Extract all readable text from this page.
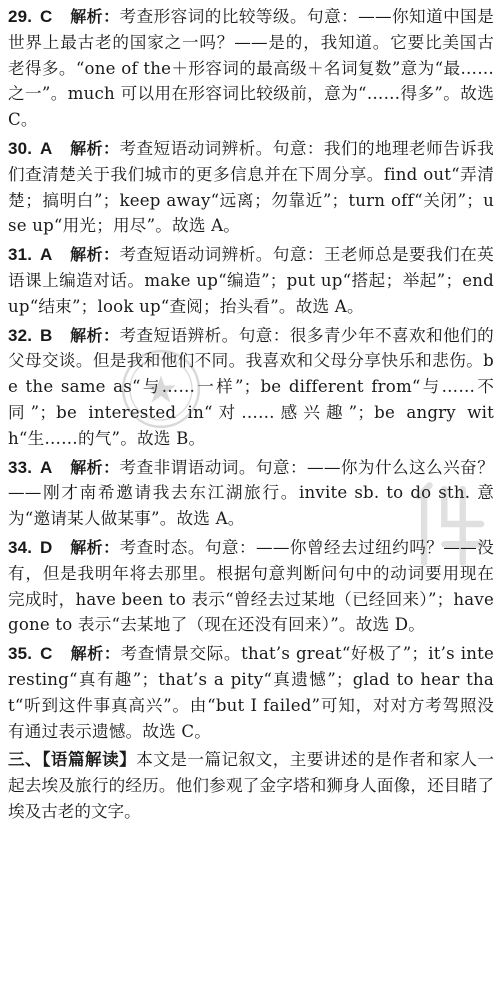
29. C 解析：考查形容词的比较等级。句意：——你知道中国是世界上最古老的国家之一吗？——是的，我知道。它要比美国古老得多。“one of the＋形容词的最高级＋名词复数”意为“最……之一”。much 可以用在形容词比较级前，意为“……得多”。故选 C。
30. A 解析：考查短语动词辨析。句意：我们的地理老师告诉我们查清楚关于我们城市的更多信息并在下周分享。find out“弄清楚；搞明白”；keep away“远离；勿靠近”；turn off“关闭”；use up“用光；用尽”。故选 A。
31. A 解析：考查短语动词辨析。句意：王老师总是要我们在英语课上编造对话。make up“编造”；put up“搭起；举起”；end up“结束”；look up“查阅；抬头看”。故选 A。
32. B 解析：考查短语辨析。句意：很多青少年不喜欢和他们的父母交谈。但是我和他们不同。我喜欢和父母分享快乐和悲伤。be the same as“与……一样”；be different from“与……不同”；be interested in“对……感兴趣”；be angry with“生……的气”。故选 B。
33. A 解析：考查非谓语动词。句意：——你为什么这么兴奋？——刚才南希邀请我去东江湖旅行。invite sb. to do sth. 意为“邀请某人做某事”。故选 A。
34. D 解析：考查时态。句意：——你曾经去过纽约吗？——没有，但是我明年将去那里。根据句意判断问句中的动词要用现在完成时，have been to 表示“曾经去过某地（已经回来）”；have gone to 表示“去某地了（现在还没有回来）”。故选 D。
35. C 解析：考查情景交际。that’s great“好极了”；it’s interesting“真有趣”；that’s a pity“真遗憾”；glad to hear that“听到这件事真高兴”。由“but I failed”可知，对对方考驾照没有通过表示遗憾。故选 C。
三、【语篇解读】本文是一篇记叙文，主要讲述的是作者和家人一起去埃及旅行的经历。他们参观了金字塔和狮身人面像，还目睹了埃及古老的文字。
